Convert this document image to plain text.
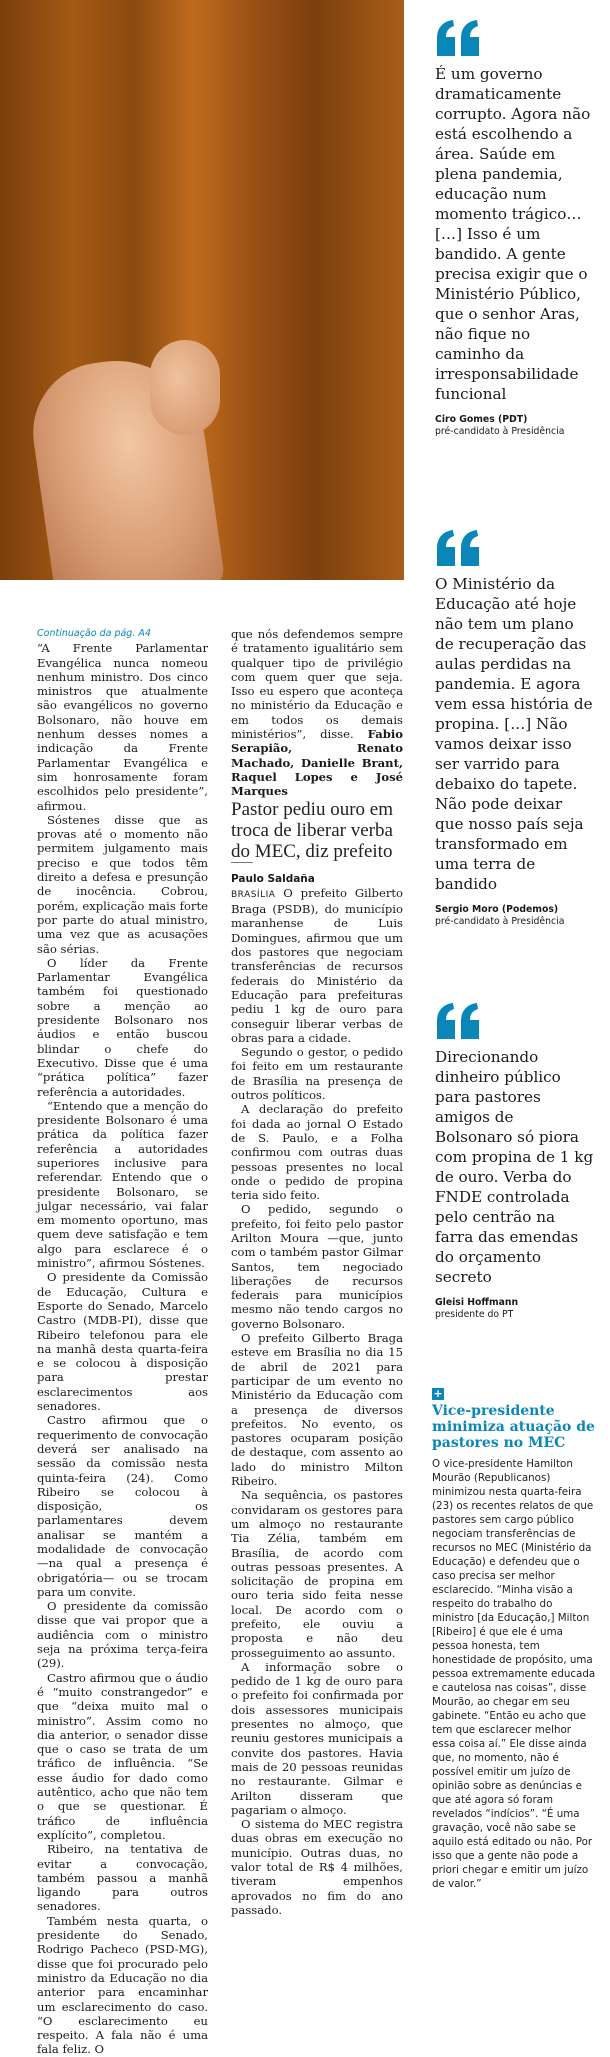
Continuação da pág. A4

“A Frente Parlamentar Evangélica nunca nomeou nenhum ministro. Dos cinco ministros que atualmente são evangélicos no governo Bolsonaro, não houve em nenhum desses nomes a indicação da Frente Parlamentar Evangélica e sim honrosamente foram escolhidos pelo presidente”, afirmou.

Sóstenes disse que as provas até o momento não permitem julgamento mais preciso e que todos têm direito a defesa e presunção de inocência. Cobrou, porém, explicação mais forte por parte do atual ministro, uma vez que as acusações são sérias.

O líder da Frente Parlamentar Evangélica também foi questionado sobre a menção ao presidente Bolsonaro nos áudios e então buscou blindar o chefe do Executivo. Disse que é uma “prática política” fazer referência a autoridades.

“Entendo que a menção do presidente Bolsonaro é uma prática da política fazer referência a autoridades superiores inclusive para referendar. Entendo que o presidente Bolsonaro, se julgar necessário, vai falar em momento oportuno, mas quem deve satisfação e tem algo para esclarece é o ministro”, afirmou Sóstenes.

O presidente da Comissão de Educação, Cultura e Esporte do Senado, Marcelo Castro (MDB-PI), disse que Ribeiro telefonou para ele na manhã desta quarta-feira e se colocou à disposição para prestar esclarecimentos aos senadores.

Castro afirmou que o requerimento de convocação deverá ser analisado na sessão da comissão nesta quinta-feira (24). Como Ribeiro se colocou à disposição, os parlamentares devem analisar se mantém a modalidade de convocação —na qual a presença é obrigatória— ou se trocam para um convite.

O presidente da comissão disse que vai propor que a audiência com o ministro seja na próxima terça-feira (29).

Castro afirmou que o áudio é “muito constrangedor” e que “deixa muito mal o ministro”. Assim como no dia anterior, o senador disse que o caso se trata de um tráfico de influência. “Se esse áudio for dado como autêntico, acho que não tem o que se questionar. É tráfico de influência explícito”, completou.

Ribeiro, na tentativa de evitar a convocação, também passou a manhã ligando para outros senadores.

Também nesta quarta, o presidente do Senado, Rodrigo Pacheco (PSD-MG), disse que foi procurado pelo ministro da Educação no dia anterior para encaminhar um esclarecimento do caso. “O esclarecimento eu respeito. A fala não é uma fala feliz. O

que nós defendemos sempre é tratamento igualitário sem qualquer tipo de privilégio com quem quer que seja. Isso eu espero que aconteça no ministério da Educação e em todos os demais ministérios”, disse. Fabio Serapião, Renato Machado, Danielle Brant, Raquel Lopes e José Marques

Pastor pediu ouro em troca de liberar verba do MEC, diz prefeito

Paulo Saldaña

BRASÍLIA O prefeito Gilberto Braga (PSDB), do município maranhense de Luis Domingues, afirmou que um dos pastores que negociam transferências de recursos federais do Ministério da Educação para prefeituras pediu 1 kg de ouro para conseguir liberar verbas de obras para a cidade.

Segundo o gestor, o pedido foi feito em um restaurante de Brasília na presença de outros políticos.

A declaração do prefeito foi dada ao jornal O Estado de S. Paulo, e a Folha confirmou com outras duas pessoas presentes no local onde o pedido de propina teria sido feito.

O pedido, segundo o prefeito, foi feito pelo pastor Arilton Moura —que, junto com o também pastor Gilmar Santos, tem negociado liberações de recursos federais para municípios mesmo não tendo cargos no governo Bolsonaro.

O prefeito Gilberto Braga esteve em Brasília no dia 15 de abril de 2021 para participar de um evento no Ministério da Educação com a presença de diversos prefeitos. No evento, os pastores ocuparam posição de destaque, com assento ao lado do ministro Milton Ribeiro.

Na sequência, os pastores convidaram os gestores para um almoço no restaurante Tia Zélia, também em Brasília, de acordo com outras pessoas presentes. A solicitação de propina em ouro teria sido feita nesse local. De acordo com o prefeito, ele ouviu a proposta e não deu prosseguimento ao assunto.

A informação sobre o pedido de 1 kg de ouro para o prefeito foi confirmada por dois assessores municipais presentes no almoço, que reuniu gestores municipais a convite dos pastores. Havia mais de 20 pessoas reunidas no restaurante. Gilmar e Arilton disseram que pagariam o almoço.

O sistema do MEC registra duas obras em execução no município. Outras duas, no valor total de R$ 4 milhões, tiveram empenhos aprovados no fim do ano passado.

É um governo dramaticamente corrupto. Agora não está escolhendo a área. Saúde em plena pandemia, educação num momento trágico… […] Isso é um bandido. A gente precisa exigir que o Ministério Público, que o senhor Aras, não fique no caminho da irresponsabilidade funcional
Ciro Gomes (PDT)
pré-candidato à Presidência
O Ministério da Educação até hoje não tem um plano de recuperação das aulas perdidas na pandemia. E agora vem essa história de propina. […] Não vamos deixar isso ser varrido para debaixo do tapete. Não pode deixar que nosso país seja transformado em uma terra de bandido
Sergio Moro (Podemos)
pré-candidato à Presidência
Direcionando dinheiro público para pastores amigos de Bolsonaro só piora com propina de 1 kg de ouro. Verba do FNDE controlada pelo centrão na farra das emendas do orçamento secreto
Gleisi Hoffmann
presidente do PT
+
Vice-presidente minimiza atuação de pastores no MEC
O vice-presidente Hamilton Mourão (Republicanos) minimizou nesta quarta-feira (23) os recentes relatos de que pastores sem cargo público negociam transferências de recursos no MEC (Ministério da Educação) e defendeu que o caso precisa ser melhor esclarecido. “Minha visão a respeito do trabalho do ministro [da Educação,] Milton [Ribeiro] é que ele é uma pessoa honesta, tem honestidade de propósito, uma pessoa extremamente educada e cautelosa nas coisas”, disse Mourão, ao chegar em seu gabinete. “Então eu acho que tem que esclarecer melhor essa coisa aí.” Ele disse ainda que, no momento, não é possível emitir um juízo de opinião sobre as denúncias e que até agora só foram revelados “indícios”. “É uma gravação, você não sabe se aquilo está editado ou não. Por isso que a gente não pode a priori chegar e emitir um juízo de valor.”
